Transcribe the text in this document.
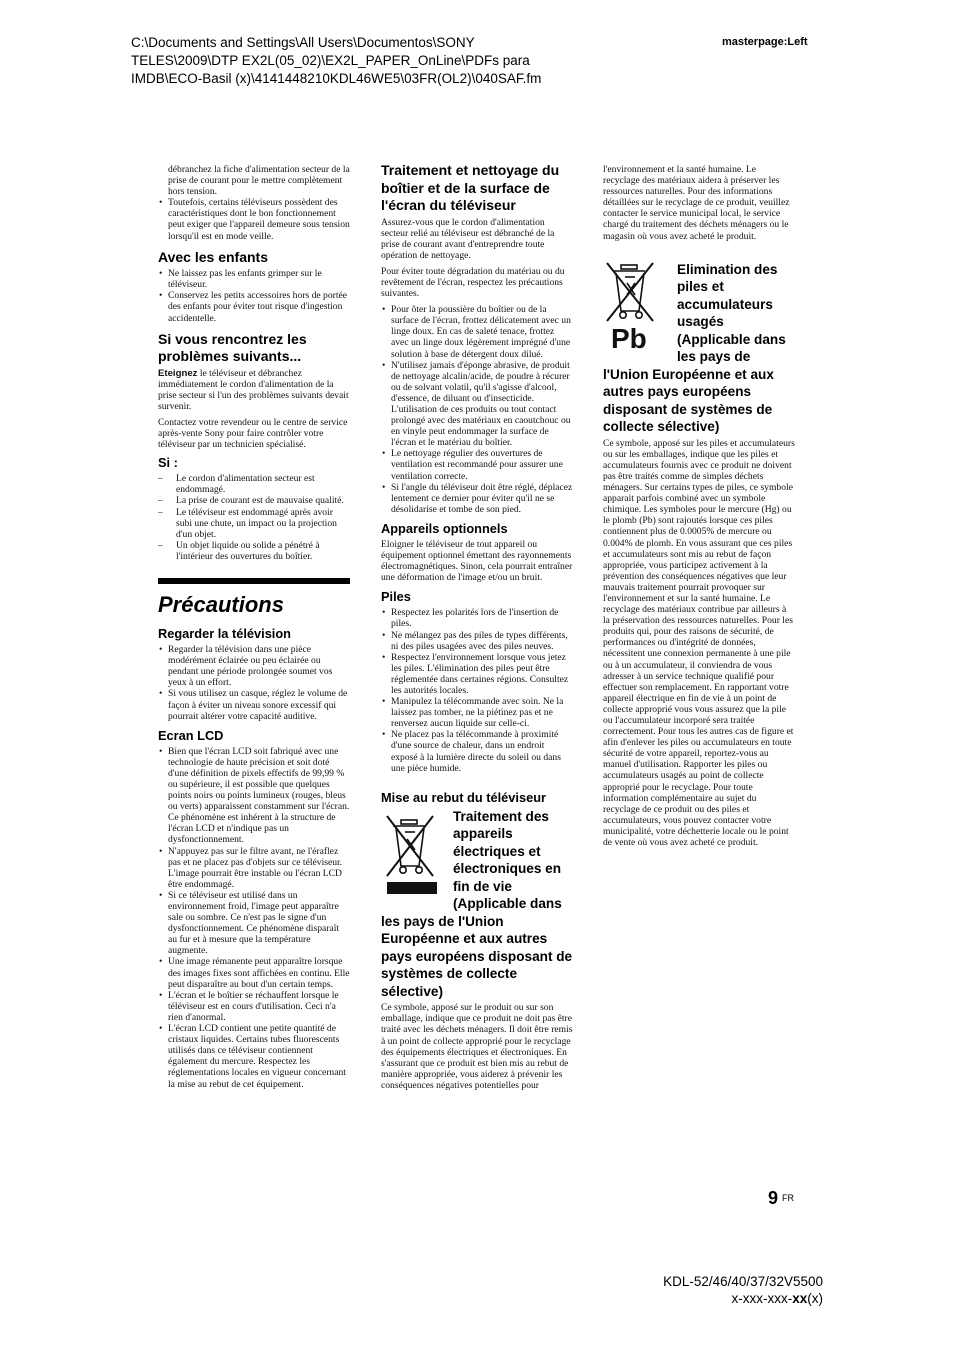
C:\Documents and Settings\All Users\Documentos\SONY
TELES\2009\DTP EX2L(05_02)\EX2L_PAPER_OnLine\PDFs para
IMDB\ECO-Basil (x)\4141448210KDL46WE5\03FR(OL2)\040SAF.fm
masterpage:Left

débranchez la fiche d'alimentation secteur de la prise de courant pour le mettre complètement hors tension.

• Toutefois, certains téléviseurs possèdent des caractéristiques dont le bon fonctionnement peut exiger que l'appareil demeure sous tension lorsqu'il est en mode veille.
Avec les enfants
• Ne laissez pas les enfants grimper sur le téléviseur.
• Conservez les petits accessoires hors de portée des enfants pour éviter tout risque d'ingestion accidentelle.
Si vous rencontrez les problèmes suivants...

Eteignez le téléviseur et débranchez immédiatement le cordon d'alimentation de la prise secteur si l'un des problèmes suivants devait survenir.

Contactez votre revendeur ou le centre de service après-vente Sony pour faire contrôler votre téléviseur par un technicien spécialisé.

Si :
– Le cordon d'alimentation secteur est endommagé.
– La prise de courant est de mauvaise qualité.
– Le téléviseur est endommagé après avoir subi une chute, un impact ou la projection d'un objet.
– Un objet liquide ou solide a pénétré à l'intérieur des ouvertures du boîtier.
Précautions
Regarder la télévision
• Regarder la télévision dans une pièce modérément éclairée ou peu éclairée ou pendant une période prolongée soumet vos yeux à un effort.
• Si vous utilisez un casque, réglez le volume de façon à éviter un niveau sonore excessif qui pourrait altérer votre capacité auditive.
Ecran LCD
• Bien que l'écran LCD soit fabriqué avec une technologie de haute précision et soit doté d'une définition de pixels effectifs de 99,99 % ou supérieure, il est possible que quelques points noirs ou points lumineux (rouges, bleus ou verts) apparaissent constamment sur l'écran. Ce phénomène est inhérent à la structure de l'écran LCD et n'indique pas un dysfonctionnement.
• N'appuyez pas sur le filtre avant, ne l'éraflez pas et ne placez pas d'objets sur ce téléviseur. L'image pourrait être instable ou l'écran LCD être endommagé.
• Si ce téléviseur est utilisé dans un environnement froid, l'image peut apparaître sale ou sombre. Ce n'est pas le signe d'un dysfonctionnement. Ce phénomène disparaît au fur et à mesure que la température augmente.
• Une image rémanente peut apparaître lorsque des images fixes sont affichées en continu. Elle peut disparaître au bout d'un certain temps.
• L'écran et le boîtier se réchauffent lorsque le téléviseur est en cours d'utilisation. Ceci n'a rien d'anormal.
• L'écran LCD contient une petite quantité de cristaux liquides. Certains tubes fluorescents utilisés dans ce téléviseur contiennent également du mercure. Respectez les réglementations locales en vigueur concernant la mise au rebut de cet équipement.
Traitement et nettoyage du boîtier et de la surface de l'écran du téléviseur

Assurez-vous que le cordon d'alimentation secteur relié au téléviseur est débranché de la prise de courant avant d'entreprendre toute opération de nettoyage.

Pour éviter toute dégradation du matériau ou du revêtement de l'écran, respectez les précautions suivantes.

• Pour ôter la poussière du boîtier ou de la surface de l'écran, frottez délicatement avec un linge doux. En cas de saleté tenace, frottez avec un linge doux légèrement imprégné d'une solution à base de détergent doux dilué.
• N'utilisez jamais d'éponge abrasive, de produit de nettoyage alcalin/acide, de poudre à récurer ou de solvant volatil, qu'il s'agisse d'alcool, d'essence, de diluant ou d'insecticide. L'utilisation de ces produits ou tout contact prolongé avec des matériaux en caoutchouc ou en vinyle peut endommager la surface de l'écran et le matériau du boîtier.
• Le nettoyage régulier des ouvertures de ventilation est recommandé pour assurer une ventilation correcte.
• Si l'angle du téléviseur doit être réglé, déplacez lentement ce dernier pour éviter qu'il ne se désolidarise et tombe de son pied.
Appareils optionnels

Eloigner le téléviseur de tout appareil ou équipement optionnel émettant des rayonnements électromagnétiques. Sinon, cela pourrait entraîner une déformation de l'image et/ou un bruit.

Piles
• Respectez les polarités lors de l'insertion de piles.
• Ne mélangez pas des piles de types différents, ni des piles usagées avec des piles neuves.
• Respectez l'environnement lorsque vous jetez les piles. L'élimination des piles peut être réglementée dans certaines régions. Consultez les autorités locales.
• Manipulez la télécommande avec soin. Ne la laissez pas tomber, ne la piétinez pas et ne renversez aucun liquide sur celle-ci.
• Ne placez pas la télécommande à proximité d'une source de chaleur, dans un endroit exposé à la lumière directe du soleil ou dans une pièce humide.
Mise au rebut du téléviseur
Traitement des appareils électriques et électroniques en fin de vie (Applicable dans les pays de l'Union Européenne et aux autres pays européens disposant de systèmes de collecte sélective)

Ce symbole, apposé sur le produit ou sur son emballage, indique que ce produit ne doit pas être traité avec les déchets ménagers. Il doit être remis à un point de collecte approprié pour le recyclage des équipements électriques et électroniques. En s'assurant que ce produit est bien mis au rebut de manière appropriée, vous aiderez à prévenir les conséquences négatives potentielles pour

l'environnement et la santé humaine. Le recyclage des matériaux aidera à préserver les ressources naturelles. Pour des informations détaillées sur le recyclage de ce produit, veuillez contacter le service municipal local, le service chargé du traitement des déchets ménagers ou le magasin où vous avez acheté le produit.

Pb
Elimination des piles et accumulateurs usagés (Applicable dans les pays de l'Union Européenne et aux autres pays européens disposant de systèmes de collecte sélective)

Ce symbole, apposé sur les piles et accumulateurs ou sur les emballages, indique que les piles et accumulateurs fournis avec ce produit ne doivent pas être traités comme de simples déchets ménagers. Sur certains types de piles, ce symbole apparait parfois combiné avec un symbole chimique. Les symboles pour le mercure (Hg) ou le plomb (Pb) sont rajoutés lorsque ces piles contiennent plus de 0.0005% de mercure ou 0.004% de plomb. En vous assurant que ces piles et accumulateurs sont mis au rebut de façon appropriée, vous participez activement à la prévention des conséquences négatives que leur mauvais traitement pourrait provoquer sur l'environnement et sur la santé humaine. Le recyclage des matériaux contribue par ailleurs à la préservation des ressources naturelles. Pour les produits qui, pour des raisons de sécurité, de performances ou d'intégrité de données, nécessitent une connexion permanente à une pile ou à un accumulateur, il conviendra de vous adresser à un service technique qualifié pour effectuer son remplacement. En rapportant votre appareil électrique en fin de vie à un point de collecte approprié vous vous assurez que la pile ou l'accumulateur incorporé sera traitée correctement. Pour tous les autres cas de figure et afin d'enlever les piles ou accumulateurs en toute sécurité de votre appareil, reportez-vous au manuel d'utilisation. Rapporter les piles ou accumulateurs usagés au point de collecte approprié pour le recyclage. Pour toute information complémentaire au sujet du recyclage de ce produit ou des piles et accumulateurs, vous pouvez contacter votre municipalité, votre déchetterie locale ou le point de vente où vous avez acheté ce produit.

9 FR
KDL-52/46/40/37/32V5500
x-xxx-xxx-xx(x)
